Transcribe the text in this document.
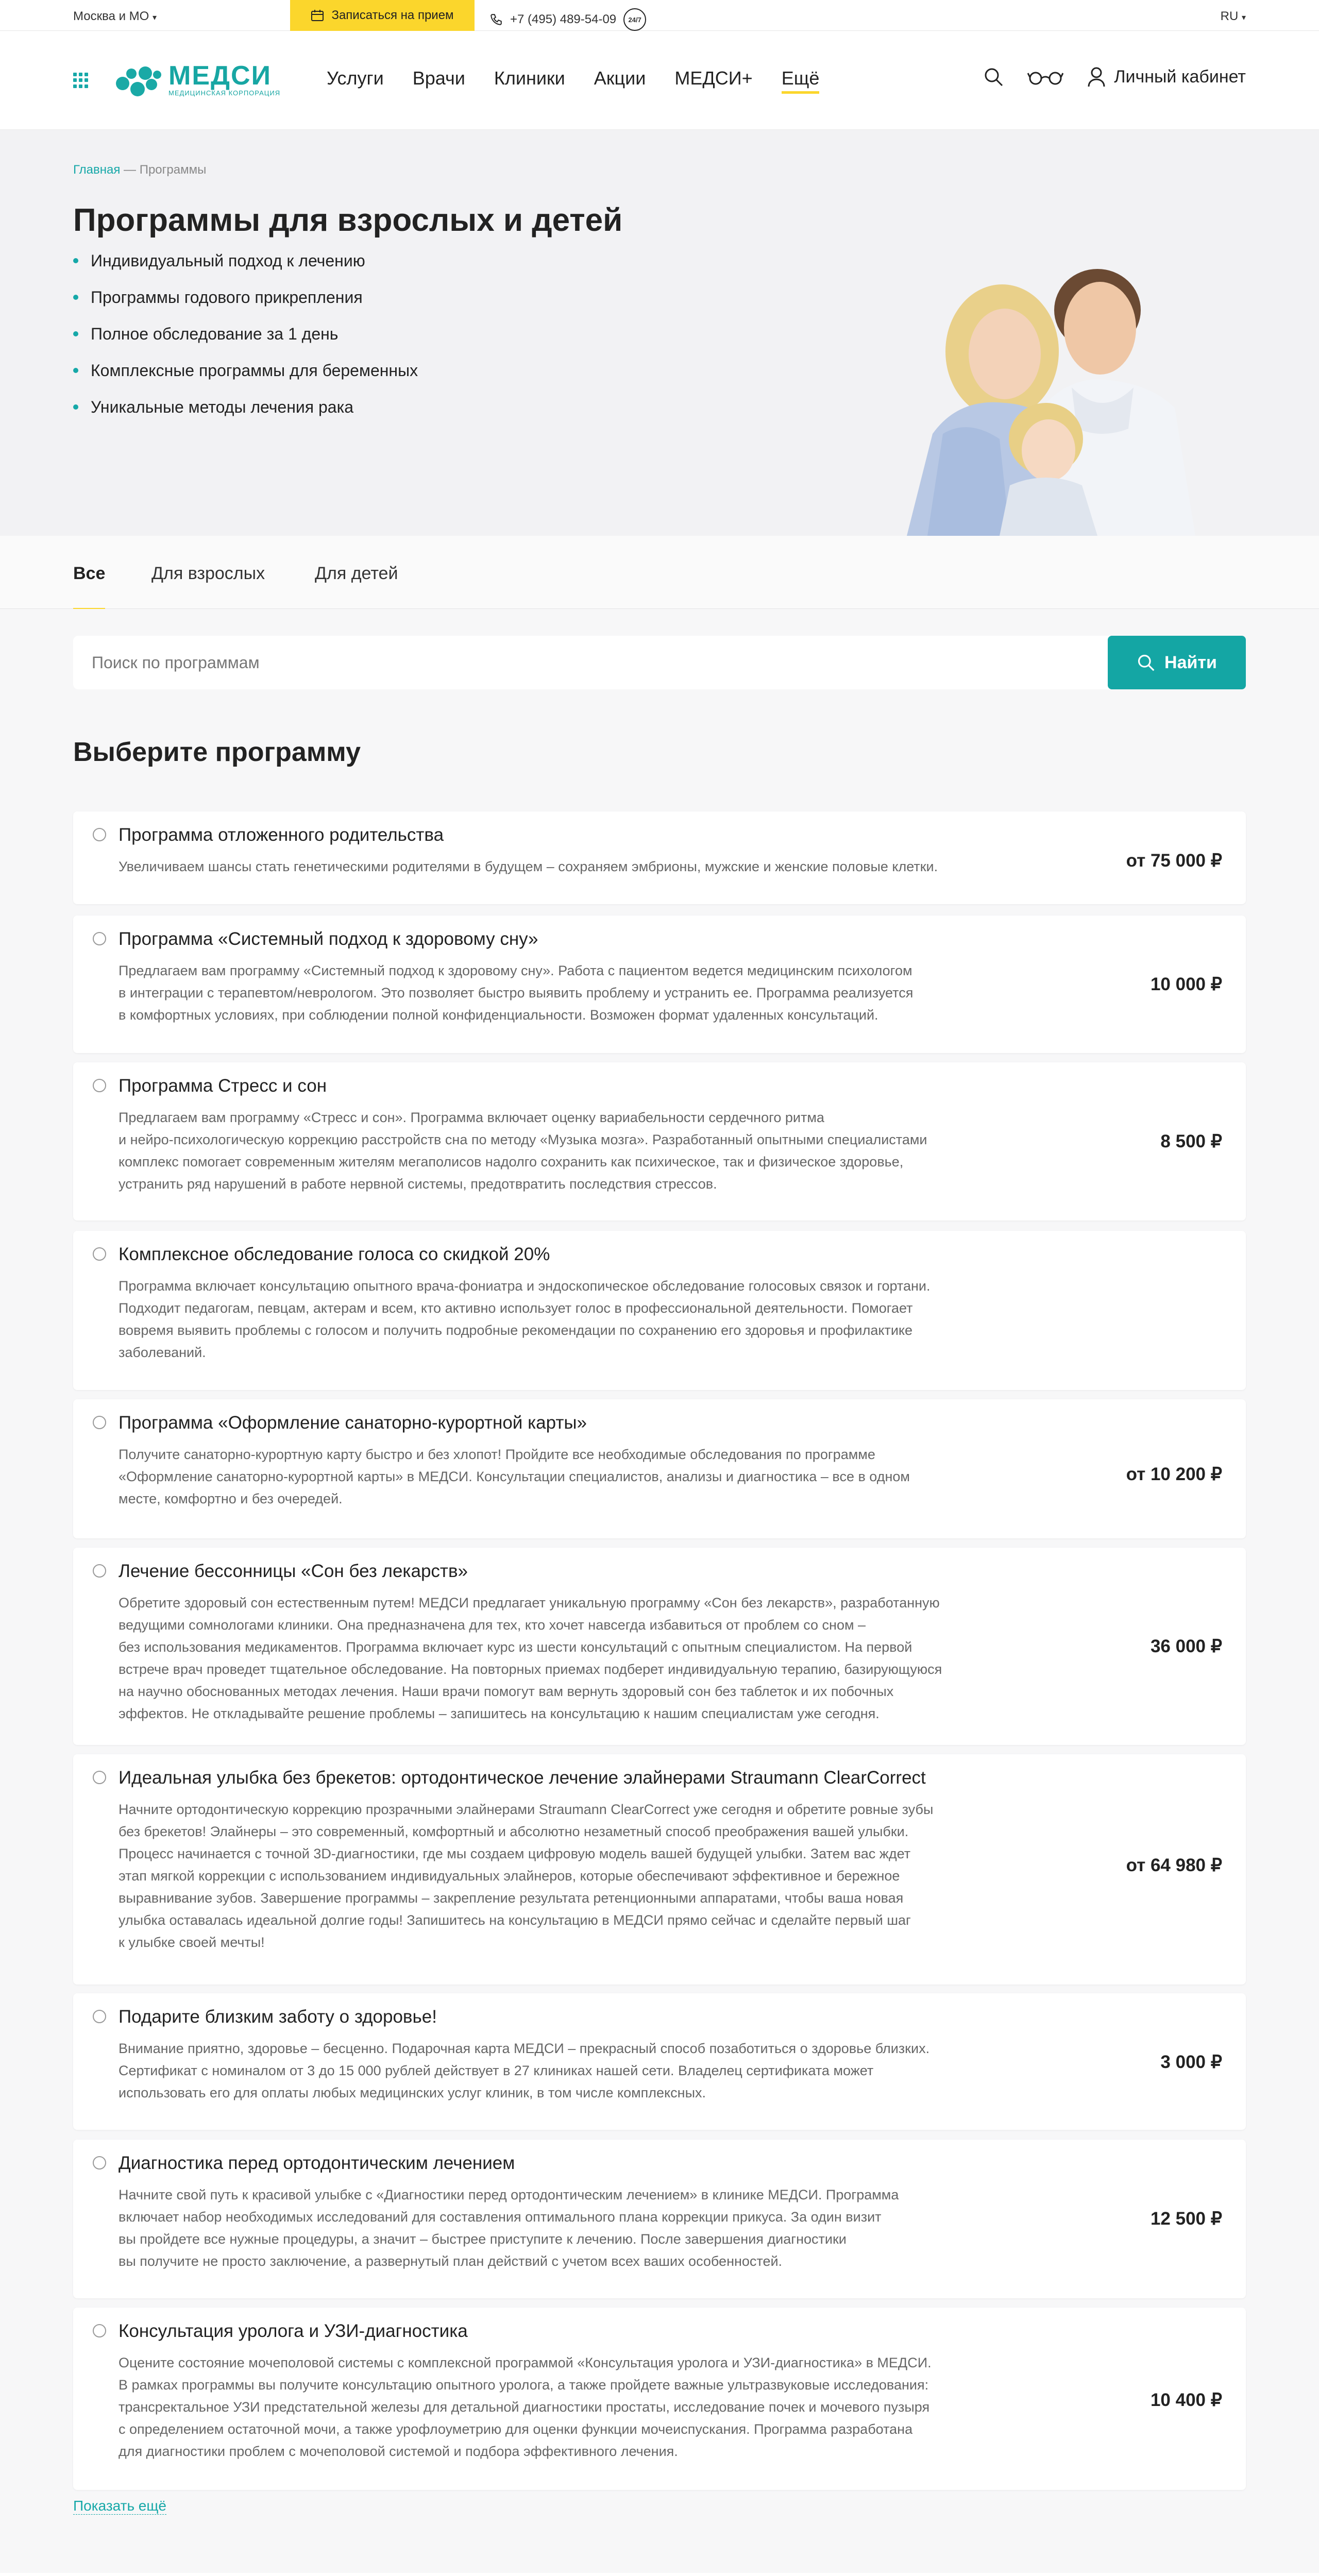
Москва и МО ▾	Записаться на прием	+7 (495) 489-54-09	24/7	RU ▾
МЕДСИ
МЕДИЦИНСКАЯ КОРПОРАЦИЯ
Услуги Врачи Клиники Акции МЕДСИ+ Ещё	Личный кабинет
Главная — Программы
Программы для взрослых и детей
Индивидуальный подход к лечению
Программы годового прикрепления
Полное обследование за 1 день
Комплексные программы для беременных
Уникальные методы лечения рака
Все	Для взрослых	Для детей
Поиск по программам
Найти
Выберите программу
Программа отложенного родительства
Увеличиваем шансы стать генетическими родителями в будущем – сохраняем эмбрионы, мужские и женские половые клетки.	от 75 000 ₽
Программа «Системный подход к здоровому сну»
Предлагаем вам программу «Системный подход к здоровому сну». Работа с пациентом ведется медицинским психологом
в интеграции с терапевтом/неврологом. Это позволяет быстро выявить проблему и устранить ее. Программа реализуется
в комфортных условиях, при соблюдении полной конфиденциальности. Возможен формат удаленных консультаций.
10 000 ₽
Программа Стресс и сон
Предлагаем вам программу «Стресс и сон». Программа включает оценку вариабельности сердечного ритма
и нейро-психологическую коррекцию расстройств сна по методу «Музыка мозга». Разработанный опытными специалистами
комплекс помогает современным жителям мегаполисов надолго сохранить как психическое, так и физическое здоровье,
устранить ряд нарушений в работе нервной системы, предотвратить последствия стрессов.
8 500 ₽
Комплексное обследование голоса со скидкой 20%
Программа включает консультацию опытного врача-фониатра и эндоскопическое обследование голосовых связок и гортани.
Подходит педагогам, певцам, актерам и всем, кто активно использует голос в профессиональной деятельности. Помогает
вовремя выявить проблемы с голосом и получить подробные рекомендации по сохранению его здоровья и профилактике
заболеваний.
Программа «Оформление санаторно-курортной карты»
Получите санаторно-курортную карту быстро и без хлопот! Пройдите все необходимые обследования по программе
«Оформление санаторно-курортной карты» в МЕДСИ. Консультации специалистов, анализы и диагностика – все в одном
месте, комфортно и без очередей.
от 10 200 ₽
Лечение бессонницы «Сон без лекарств»
Обретите здоровый сон естественным путем! МЕДСИ предлагает уникальную программу «Сон без лекарств», разработанную
ведущими сомнологами клиники. Она предназначена для тех, кто хочет навсегда избавиться от проблем со сном –
без использования медикаментов. Программа включает курс из шести консультаций с опытным специалистом. На первой
встрече врач проведет тщательное обследование. На повторных приемах подберет индивидуальную терапию, базирующуюся
на научно обоснованных методах лечения. Наши врачи помогут вам вернуть здоровый сон без таблеток и их побочных
эффектов. Не откладывайте решение проблемы – запишитесь на консультацию к нашим специалистам уже сегодня.
36 000 ₽
Идеальная улыбка без брекетов: ортодонтическое лечение элайнерами Straumann ClearCorrect
Начните ортодонтическую коррекцию прозрачными элайнерами Straumann ClearCorrect уже сегодня и обретите ровные зубы
без брекетов! Элайнеры – это современный, комфортный и абсолютно незаметный способ преображения вашей улыбки.
Процесс начинается с точной 3D-диагностики, где мы создаем цифровую модель вашей будущей улыбки. Затем вас ждет
этап мягкой коррекции с использованием индивидуальных элайнеров, которые обеспечивают эффективное и бережное
выравнивание зубов. Завершение программы – закрепление результата ретенционными аппаратами, чтобы ваша новая
улыбка оставалась идеальной долгие годы! Запишитесь на консультацию в МЕДСИ прямо сейчас и сделайте первый шаг
к улыбке своей мечты!
от 64 980 ₽
Подарите близким заботу о здоровье!
Внимание приятно, здоровье – бесценно. Подарочная карта МЕДСИ – прекрасный способ позаботиться о здоровье близких.
Сертификат с номиналом от 3 до 15 000 рублей действует в 27 клиниках нашей сети. Владелец сертификата может
использовать его для оплаты любых медицинских услуг клиник, в том числе комплексных.
3 000 ₽
Диагностика перед ортодонтическим лечением
Начните свой путь к красивой улыбке с «Диагностики перед ортодонтическим лечением» в клинике МЕДСИ. Программа
включает набор необходимых исследований для составления оптимального плана коррекции прикуса. За один визит
вы пройдете все нужные процедуры, а значит – быстрее приступите к лечению. После завершения диагностики
вы получите не просто заключение, а развернутый план действий с учетом всех ваших особенностей.
12 500 ₽
Консультация уролога и УЗИ-диагностика
Оцените состояние мочеполовой системы с комплексной программой «Консультация уролога и УЗИ-диагностика» в МЕДСИ.
В рамках программы вы получите консультацию опытного уролога, а также пройдете важные ультразвуковые исследования:
трансректальное УЗИ предстательной железы для детальной диагностики простаты, исследование почек и мочевого пузыря
с определением остаточной мочи, а также урофлоуметрию для оценки функции мочеиспускания. Программа разработана
для диагностики проблем с мочеполовой системой и подбора эффективного лечения.
10 400 ₽
Показать ещё
